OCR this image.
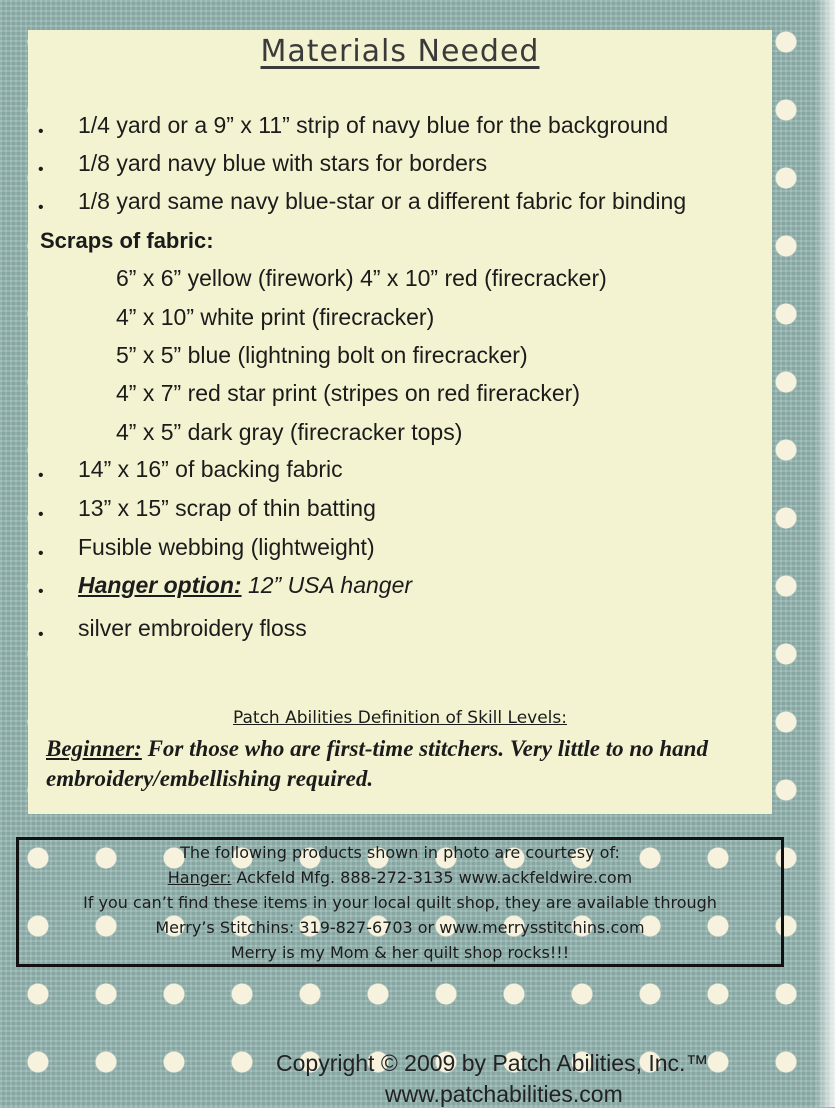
Materials Needed
• 1/4 yard or a 9” x 11” strip of navy blue for the background
• 1/8 yard navy blue with stars for borders
• 1/8 yard same navy blue-star or a different fabric for binding
Scraps of fabric:
6” x 6” yellow (firework) 4” x 10” red (firecracker)
4” x 10” white print (firecracker)
5” x 5” blue (lightning bolt on firecracker)
4” x 7” red star print (stripes on red fireracker)
4” x 5” dark gray (firecracker tops)
• 14” x 16” of backing fabric
• 13” x 15” scrap of thin batting
• Fusible webbing (lightweight)
• Hanger option: 12” USA hanger
• silver embroidery floss
Patch Abilities Definition of Skill Levels:
Beginner: For those who are first-time stitchers. Very little to no hand embroidery/embellishing required.
The following products shown in photo are courtesy of:
Hanger: Ackfeld Mfg. 888-272-3135 www.ackfeldwire.com
If you can’t find these items in your local quilt shop, they are available through
Merry’s Stitchins: 319-827-6703 or www.merrysstitchins.com
Merry is my Mom & her quilt shop rocks!!!
Copyright © 2009 by Patch Abilities, Inc.™
www.patchabilities.com
